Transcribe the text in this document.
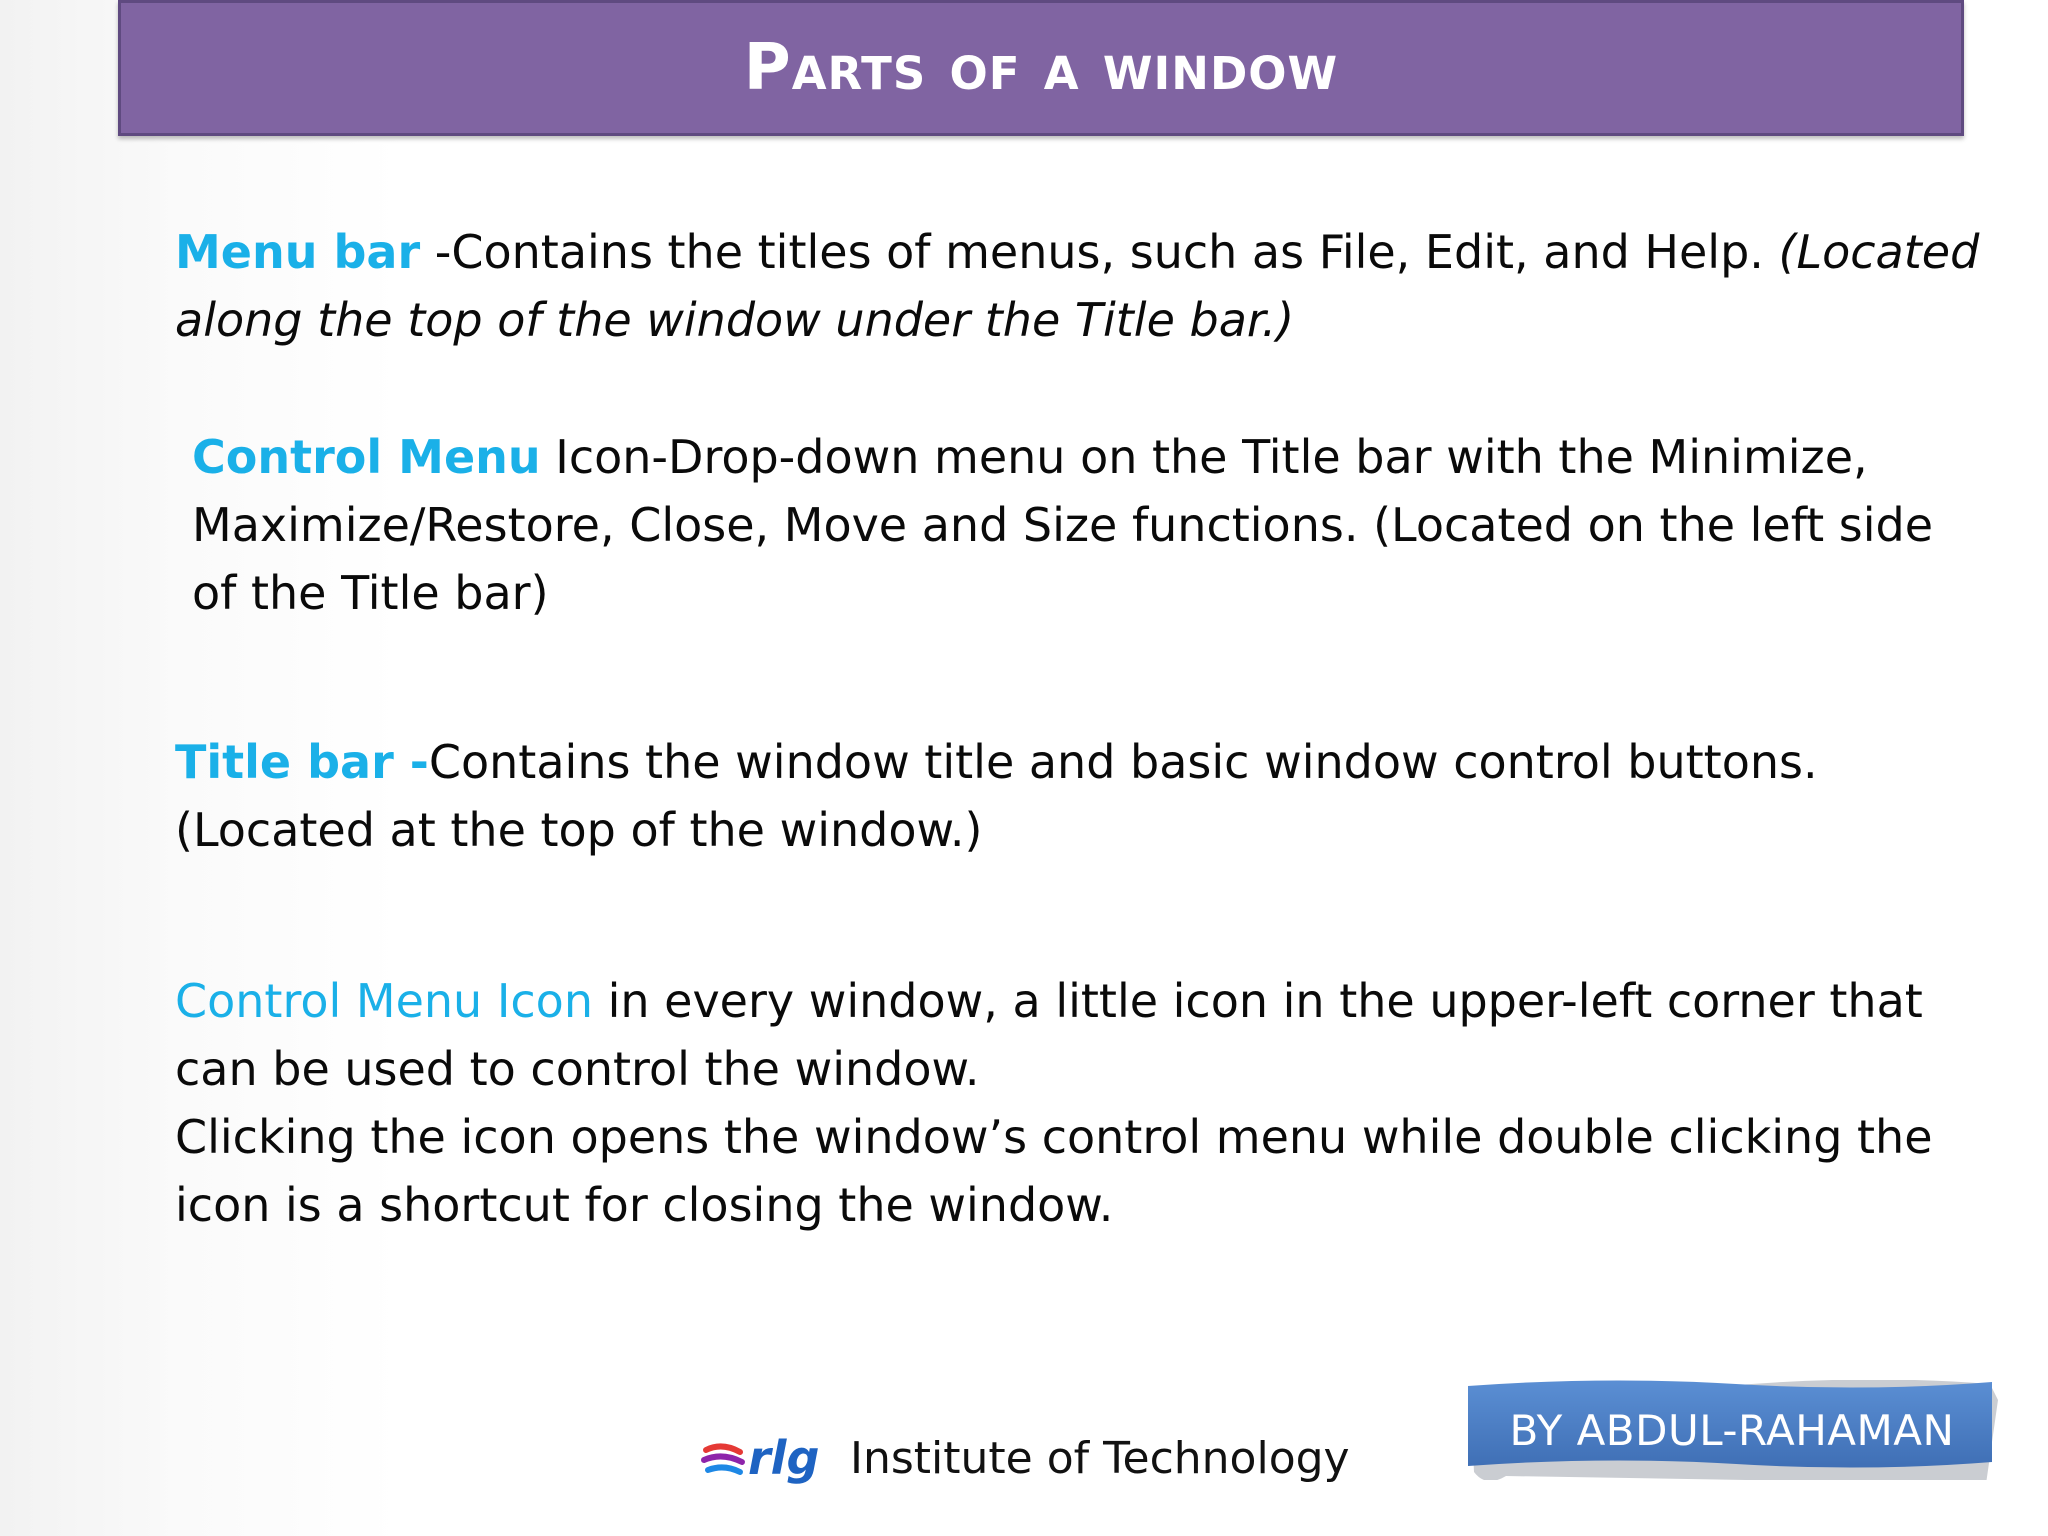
Parts of a window

Menu bar -Contains the titles of menus, such as File, Edit, and Help. (Located
along the top of the window under the Title bar.)

Control Menu Icon-Drop-down menu on the Title bar with the Minimize,
Maximize/Restore, Close, Move and Size functions. (Located on the left side
of the Title bar)

Title bar -Contains the window title and basic window control buttons.
(Located at the top of the window.)

Control Menu Icon in every window, a little icon in the upper-left corner that
can be used to control the window.
Clicking the icon opens the window’s control menu while double clicking the
icon is a shortcut for closing the window.

rlg Institute of Technology
BY ABDUL-RAHAMAN
